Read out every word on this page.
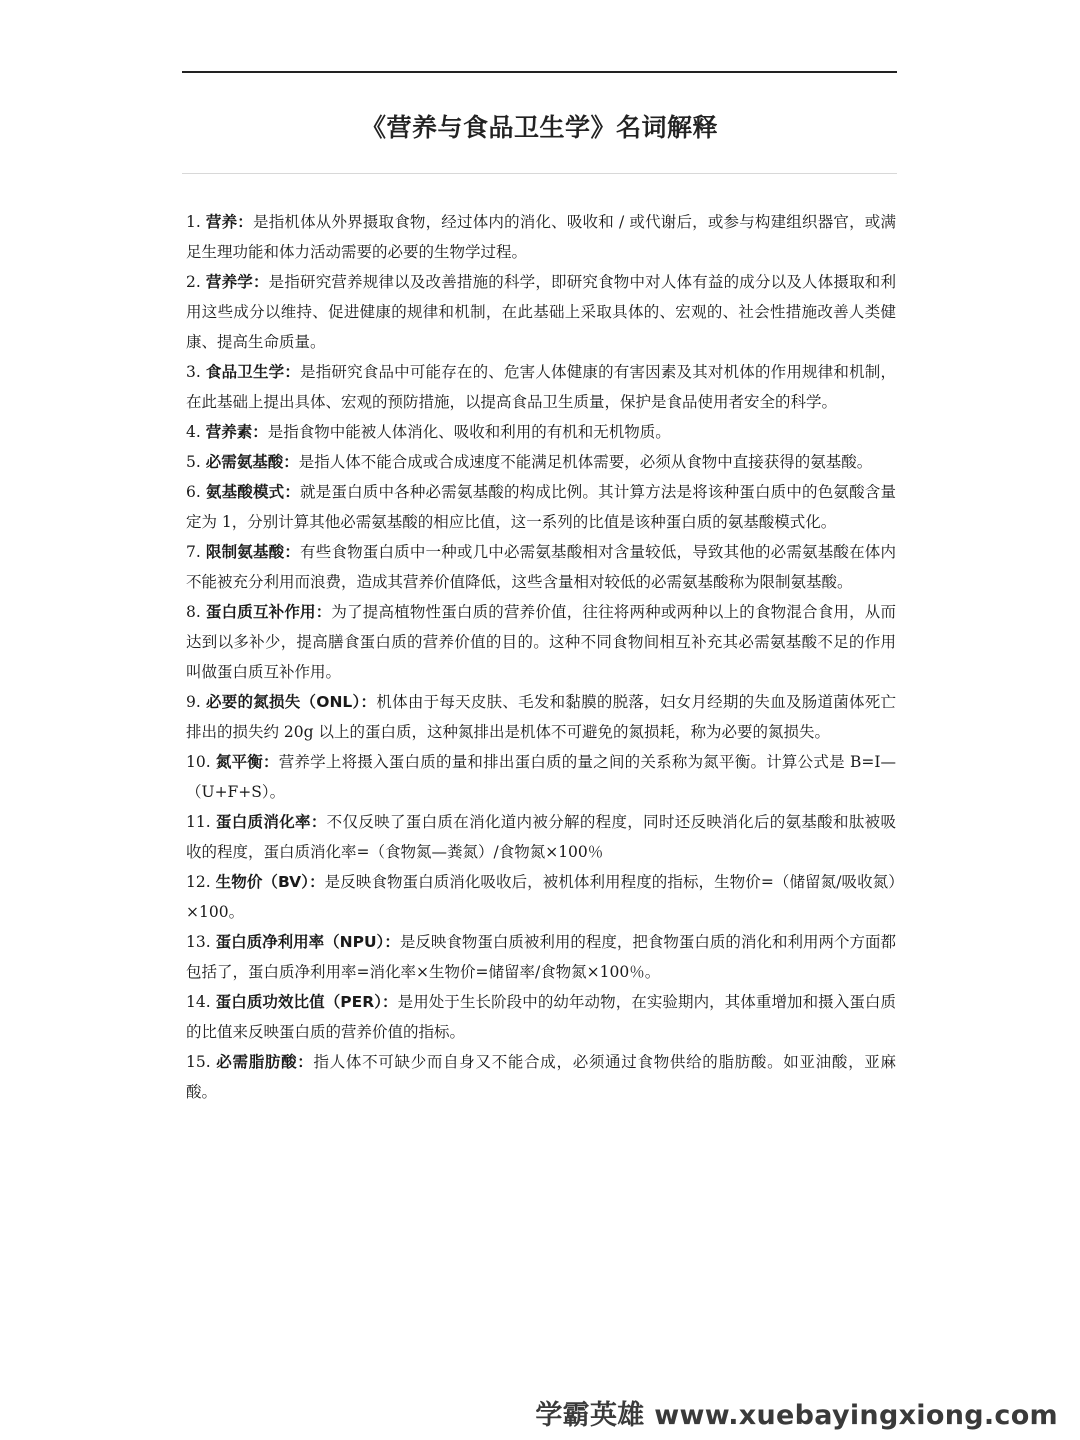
《营养与食品卫生学》名词解释
1. 营养：是指机体从外界摄取食物，经过体内的消化、吸收和 / 或代谢后，或参与构建组织器官，或满足生理功能和体力活动需要的必要的生物学过程。
2. 营养学：是指研究营养规律以及改善措施的科学，即研究食物中对人体有益的成分以及人体摄取和利用这些成分以维持、促进健康的规律和机制，在此基础上采取具体的、宏观的、社会性措施改善人类健康、提高生命质量。
3. 食品卫生学：是指研究食品中可能存在的、危害人体健康的有害因素及其对机体的作用规律和机制，在此基础上提出具体、宏观的预防措施，以提高食品卫生质量，保护是食品使用者安全的科学。
4. 营养素：是指食物中能被人体消化、吸收和利用的有机和无机物质。
5. 必需氨基酸：是指人体不能合成或合成速度不能满足机体需要，必须从食物中直接获得的氨基酸。
6. 氨基酸模式：就是蛋白质中各种必需氨基酸的构成比例。其计算方法是将该种蛋白质中的色氨酸含量定为 1，分别计算其他必需氨基酸的相应比值，这一系列的比值是该种蛋白质的氨基酸模式化。
7. 限制氨基酸：有些食物蛋白质中一种或几中必需氨基酸相对含量较低，导致其他的必需氨基酸在体内不能被充分利用而浪费，造成其营养价值降低，这些含量相对较低的必需氨基酸称为限制氨基酸。
8. 蛋白质互补作用：为了提高植物性蛋白质的营养价值，往往将两种或两种以上的食物混合食用，从而达到以多补少，提高膳食蛋白质的营养价值的目的。这种不同食物间相互补充其必需氨基酸不足的作用叫做蛋白质互补作用。
9. 必要的氮损失（ONL）：机体由于每天皮肤、毛发和黏膜的脱落，妇女月经期的失血及肠道菌体死亡排出的损失约 20g 以上的蛋白质，这种氮排出是机体不可避免的氮损耗，称为必要的氮损失。
10. 氮平衡：营养学上将摄入蛋白质的量和排出蛋白质的量之间的关系称为氮平衡。计算公式是 B=I—（U+F+S）。
11. 蛋白质消化率：不仅反映了蛋白质在消化道内被分解的程度，同时还反映消化后的氨基酸和肽被吸收的程度，蛋白质消化率=（食物氮—粪氮）/食物氮×100％
12. 生物价（BV）：是反映食物蛋白质消化吸收后，被机体利用程度的指标，生物价=（储留氮/吸收氮）×100。
13. 蛋白质净利用率（NPU）：是反映食物蛋白质被利用的程度，把食物蛋白质的消化和利用两个方面都包括了，蛋白质净利用率=消化率×生物价=储留率/食物氮×100％。
14. 蛋白质功效比值（PER）：是用处于生长阶段中的幼年动物，在实验期内，其体重增加和摄入蛋白质的比值来反映蛋白质的营养价值的指标。
15. 必需脂肪酸：指人体不可缺少而自身又不能合成，必须通过食物供给的脂肪酸。如亚油酸，亚麻酸。
学霸英雄 www.xuebayingxiong.com
